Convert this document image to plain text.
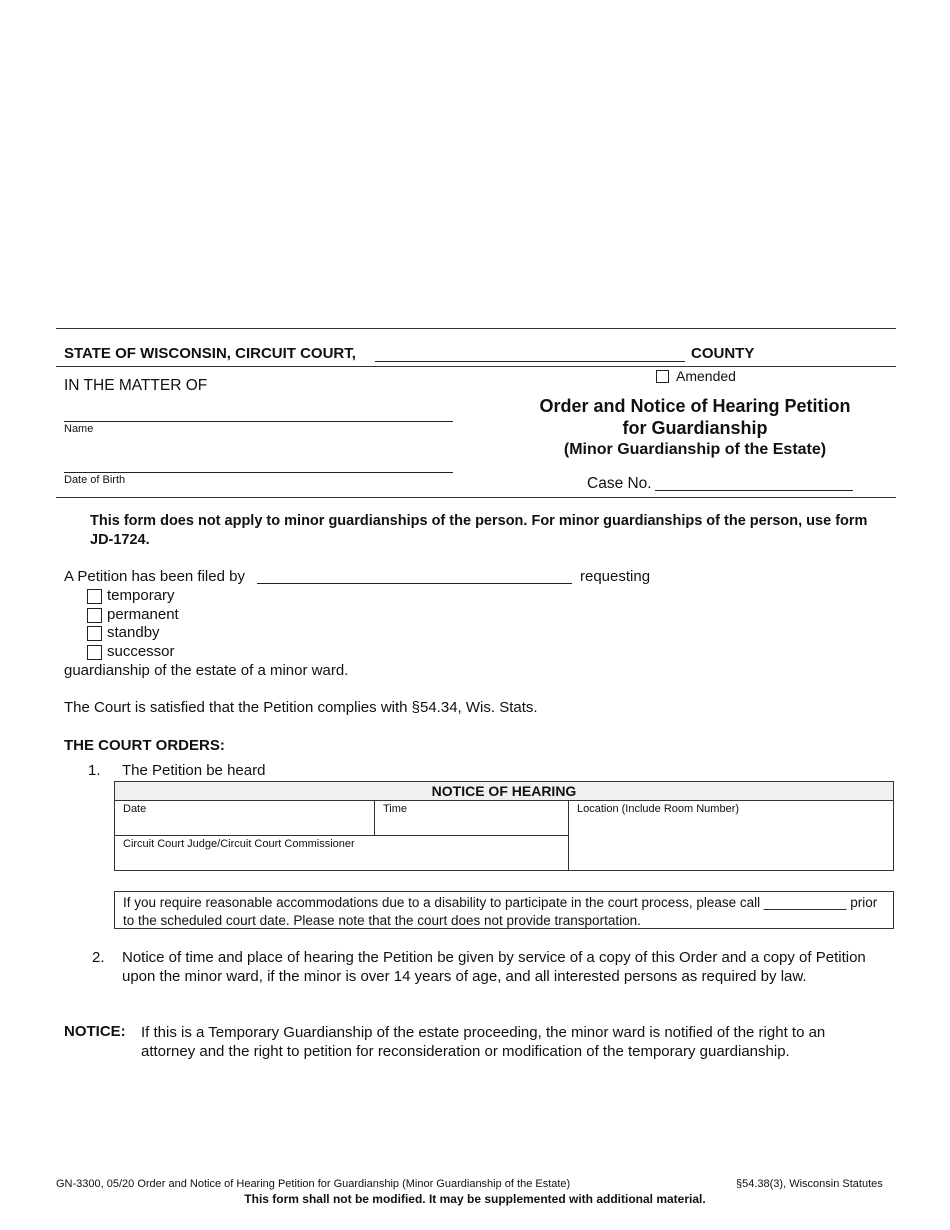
STATE OF WISCONSIN, CIRCUIT COURT,	COUNTY
IN THE MATTER OF
Name
Date of Birth
Amended
Order and Notice of Hearing Petition
for Guardianship
(Minor Guardianship of the Estate)
Case No.
This form does not apply to minor guardianships of the person. For minor guardianships of the person, use form JD-1724.
A Petition has been filed by	requesting
temporary
permanent
standby
successor
guardianship of the estate of a minor ward.
The Court is satisfied that the Petition complies with §54.34, Wis. Stats.
THE COURT ORDERS:
1. The Petition be heard
NOTICE OF HEARING
Date	Time	Location (Include Room Number)
Circuit Court Judge/Circuit Court Commissioner
If you require reasonable accommodations due to a disability to participate in the court process, please call ___________ prior to the scheduled court date. Please note that the court does not provide transportation.
2. Notice of time and place of hearing the Petition be given by service of a copy of this Order and a copy of Petition upon the minor ward, if the minor is over 14 years of age, and all interested persons as required by law.
NOTICE: If this is a Temporary Guardianship of the estate proceeding, the minor ward is notified of the right to an attorney and the right to petition for reconsideration or modification of the temporary guardianship.
GN-3300, 05/20 Order and Notice of Hearing Petition for Guardianship (Minor Guardianship of the Estate)	§54.38(3), Wisconsin Statutes
This form shall not be modified. It may be supplemented with additional material.
